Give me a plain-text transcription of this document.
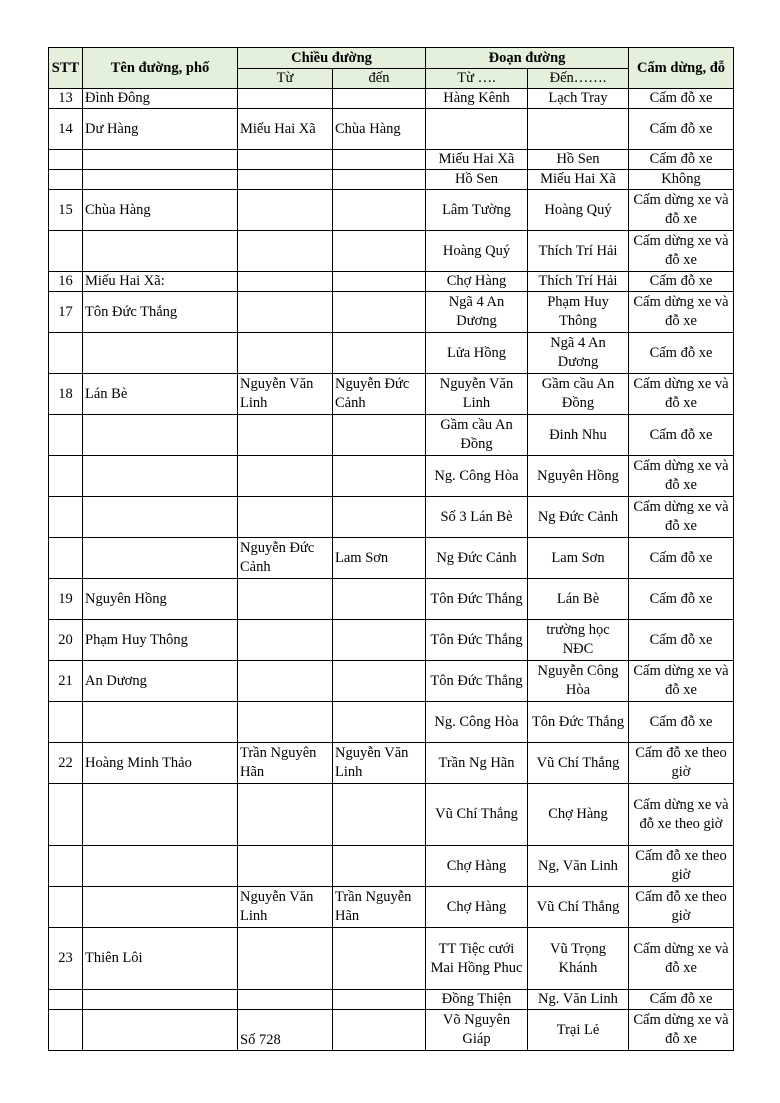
STT	Tên đường, phố	Chiều đường		Đoạn đường		Cấm dừng, đỗ
		Từ	đến	Từ ….	Đến…….	
13	Đình Đông			Hàng Kênh	Lạch Tray	Cấm đỗ xe
14	Dư Hàng	Miếu Hai Xã	Chùa Hàng			Cấm đỗ xe
				Miếu Hai Xã	Hồ Sen	Cấm đỗ xe
				Hồ Sen	Miếu Hai Xã	Không
15	Chùa Hàng			Lâm Tường	Hoàng Quý	Cấm dừng xe và đỗ xe
				Hoàng Quý	Thích Trí Hải	Cấm dừng xe và đỗ xe
16	Miếu Hai Xã:			Chợ Hàng	Thích Trí Hải	Cấm đỗ xe
17	Tôn Đức Thắng			Ngã 4 An Dương	Phạm Huy Thông	Cấm dừng xe và đỗ xe
				Lửa Hồng	Ngã 4 An Dương	Cấm đỗ xe
18	Lán Bè	Nguyễn Văn Linh	Nguyễn Đức Cảnh	Nguyễn Văn Linh	Gầm cầu An Đồng	Cấm dừng xe và đỗ xe
				Gầm cầu An Đồng	Đinh Nhu	Cấm đỗ xe
				Ng. Công Hòa	Nguyên Hồng	Cấm dừng xe và đỗ xe
				Số 3 Lán Bè	Ng Đức Cảnh	Cấm dừng xe và đỗ xe
		Nguyễn Đức Cảnh	Lam Sơn	Ng Đức Cảnh	Lam Sơn	Cấm đỗ xe
19	Nguyên Hồng			Tôn Đức Thắng	Lán Bè	Cấm đỗ xe
20	Phạm Huy Thông			Tôn Đức Thắng	trường học NĐC	Cấm đỗ xe
21	An Dương			Tôn Đức Thắng	Nguyễn Công Hòa	Cấm dừng xe và đỗ xe
				Ng. Công Hòa	Tôn Đức Thắng	Cấm đỗ xe
22	Hoàng Minh Thảo	Trần Nguyên Hãn	Nguyễn Văn Linh	Trần Ng Hãn	Vũ Chí Thắng	Cấm đỗ xe theo giờ
				Vũ Chí Thắng	Chợ Hàng	Cấm dừng xe và đỗ xe theo giờ
				Chợ Hàng	Ng, Văn Linh	Cấm đỗ xe theo giờ
		Nguyễn Văn Linh	Trần Nguyễn Hãn	Chợ Hàng	Vũ Chí Thắng	Cấm đỗ xe theo giờ
23	Thiên Lôi			TT Tiệc cưới Mai Hồng Phuc	Vũ Trọng Khánh	Cấm dừng xe và đỗ xe
				Đồng Thiện	Ng. Văn Linh	Cấm đỗ xe
		Số 728		Võ Nguyên Giáp	Trại Lẻ	Cấm dừng xe và đỗ xe
